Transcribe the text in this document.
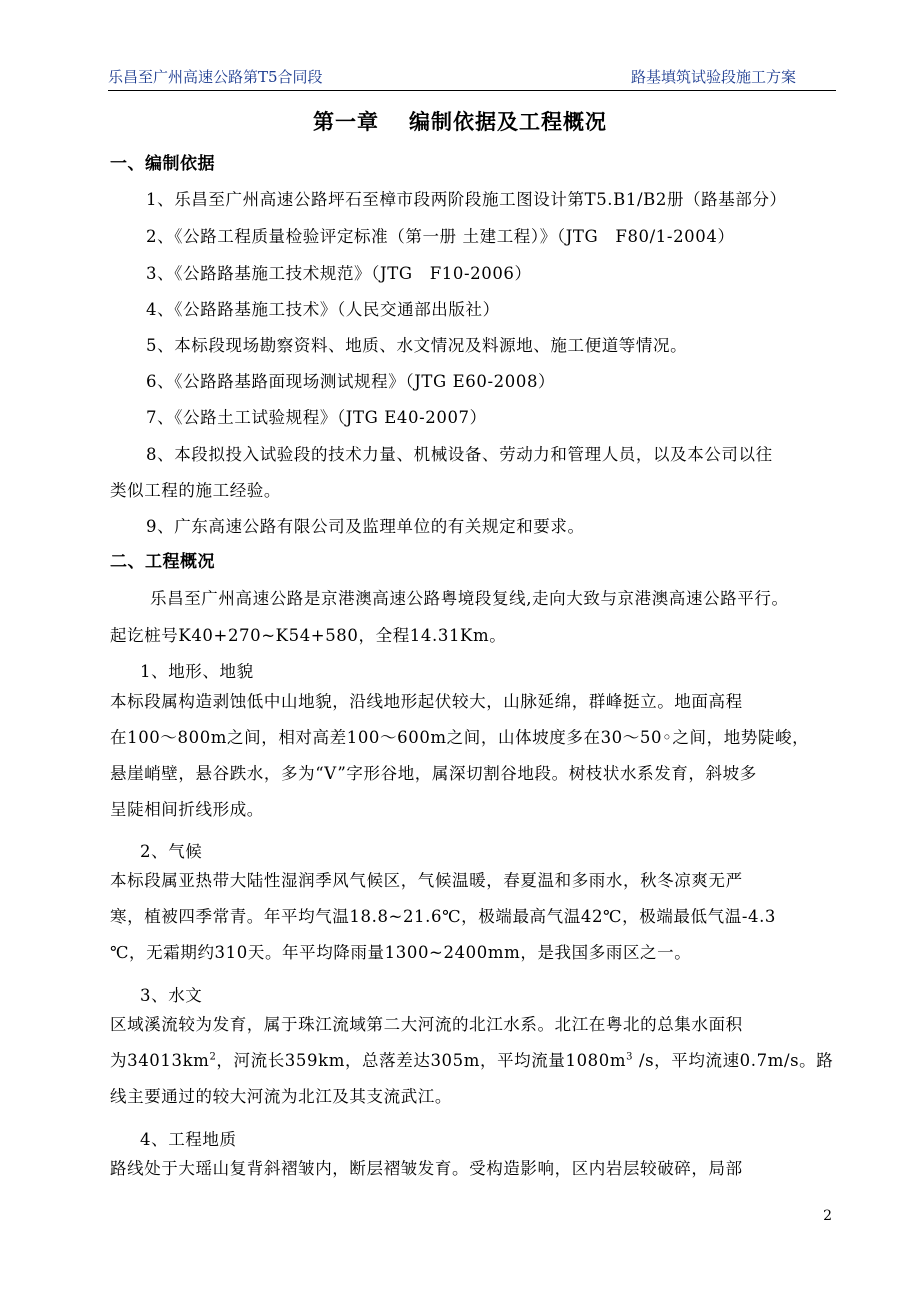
乐昌至广州高速公路第T5合同段	路基填筑试验段施工方案
第一章 编制依据及工程概况
一、编制依据
1、乐昌至广州高速公路坪石至樟市段两阶段施工图设计第T5.B1/B2册（路基部分）
2、《公路工程质量检验评定标准（第一册 土建工程）》（JTG　F80/1-2004）
3、《公路路基施工技术规范》（JTG　F10-2006）
4、《公路路基施工技术》（人民交通部出版社）
5、本标段现场勘察资料、地质、水文情况及料源地、施工便道等情况。
6、《公路路基路面现场测试规程》（JTG E60-2008）
7、《公路土工试验规程》（JTG E40-2007）
8、本段拟投入试验段的技术力量、机械设备、劳动力和管理人员，以及本公司以往
类似工程的施工经验。
9、广东高速公路有限公司及监理单位的有关规定和要求。
二、工程概况
乐昌至广州高速公路是京港澳高速公路粤境段复线,走向大致与京港澳高速公路平行。
起讫桩号K40+270~K54+580，全程14.31Km。
1、地形、地貌
本标段属构造剥蚀低中山地貌，沿线地形起伏较大，山脉延绵，群峰挺立。地面高程
在100～800m之间，相对高差100～600m之间，山体坡度多在30～50◦之间，地势陡峻，
悬崖峭壁，悬谷跌水，多为“V”字形谷地，属深切割谷地段。树枝状水系发育，斜坡多
呈陡相间折线形成。
2、气候
本标段属亚热带大陆性湿润季风气候区，气候温暖，春夏温和多雨水，秋冬凉爽无严
寒，植被四季常青。年平均气温18.8~21.6℃，极端最高气温42℃，极端最低气温-4.3
℃，无霜期约310天。年平均降雨量1300~2400mm，是我国多雨区之一。
3、水文
区域溪流较为发育，属于珠江流域第二大河流的北江水系。北江在粤北的总集水面积
为$34013km^2$，河流长359km，总落差达305m，平均流量$1080m^3$ /s，平均流速0.7m/s。路
线主要通过的较大河流为北江及其支流武江。
4、工程地质
路线处于大瑶山复背斜褶皱内，断层褶皱发育。受构造影响，区内岩层较破碎，局部
2
